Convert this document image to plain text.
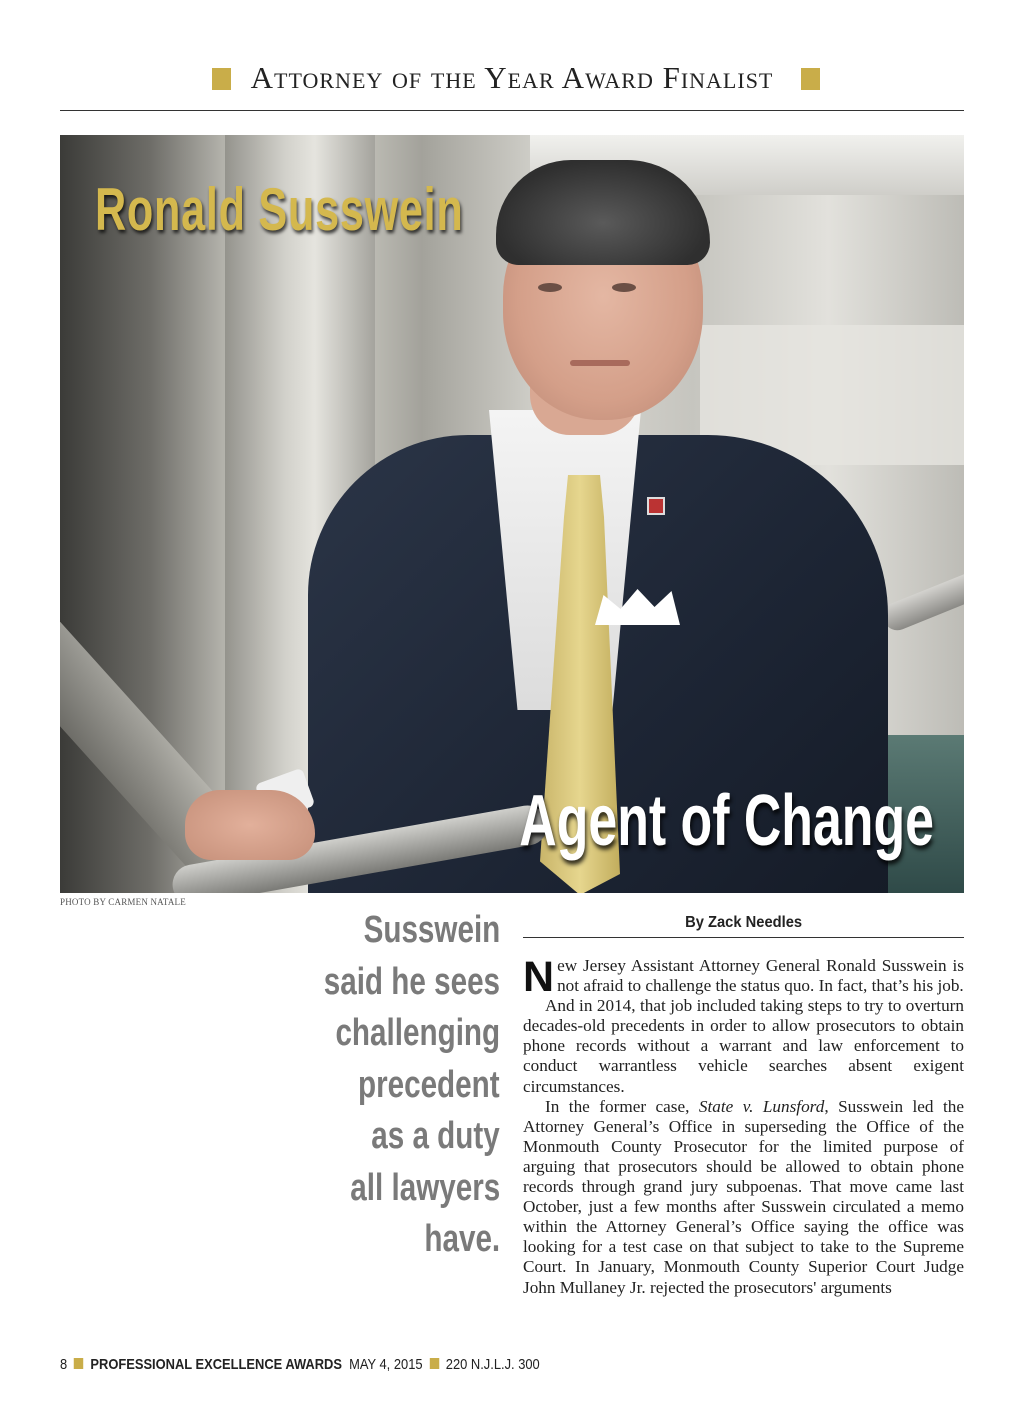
Attorney of the Year Award Finalist
Ronald Susswein
Agent of Change
PHOTO BY CARMEN NATALE
Susswein
said he sees
challenging
precedent
as a duty
all lawyers
have.
By Zack Needles

New Jersey Assistant Attorney General Ronald Susswein is not afraid to challenge the status quo. In fact, that’s his job.

And in 2014, that job included taking steps to try to overturn decades-old precedents in order to allow prosecutors to obtain phone records without a warrant and law enforcement to conduct warrantless vehicle searches absent exigent circumstances.

In the former case, State v. Lunsford, Susswein led the Attorney General’s Office in superseding the Office of the Monmouth County Prosecutor for the limited purpose of arguing that prosecutors should be allowed to obtain phone records through grand jury subpoenas. That move came last October, just a few months after Susswein circulated a memo within the Attorney General’s Office saying the office was looking for a test case on that subject to take to the Supreme Court. In January, Monmouth County Superior Court Judge John Mullaney Jr. rejected the prosecutors' arguments

8 PROFESSIONAL EXCELLENCE AWARDS MAY 4, 2015 220 N.J.L.J. 300
